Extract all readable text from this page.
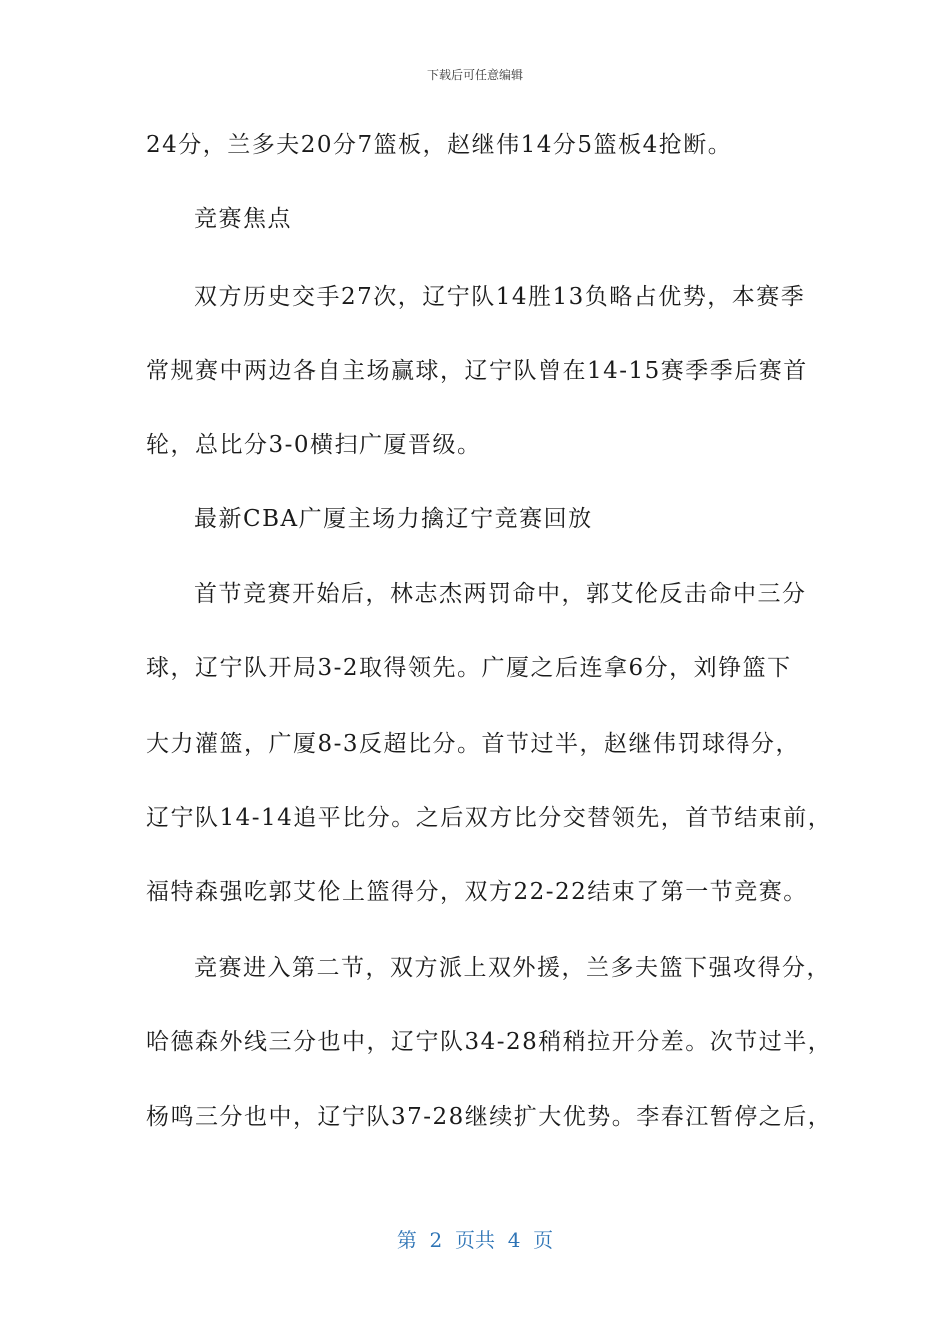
下载后可任意编辑
24分，兰多夫20分7篮板，赵继伟14分5篮板4抢断。
竞赛焦点
双方历史交手27次，辽宁队14胜13负略占优势，本赛季
常规赛中两边各自主场赢球，辽宁队曾在14-15赛季季后赛首
轮，总比分3-0横扫广厦晋级。
最新CBA广厦主场力擒辽宁竞赛回放
首节竞赛开始后，林志杰两罚命中，郭艾伦反击命中三分
球，辽宁队开局3-2取得领先。广厦之后连拿6分，刘铮篮下
大力灌篮，广厦8-3反超比分。首节过半，赵继伟罚球得分，
辽宁队14-14追平比分。之后双方比分交替领先，首节结束前，
福特森强吃郭艾伦上篮得分，双方22-22结束了第一节竞赛。
竞赛进入第二节，双方派上双外援，兰多夫篮下强攻得分，
哈德森外线三分也中，辽宁队34-28稍稍拉开分差。次节过半，
杨鸣三分也中，辽宁队37-28继续扩大优势。李春江暂停之后，
第  2  页共  4  页
